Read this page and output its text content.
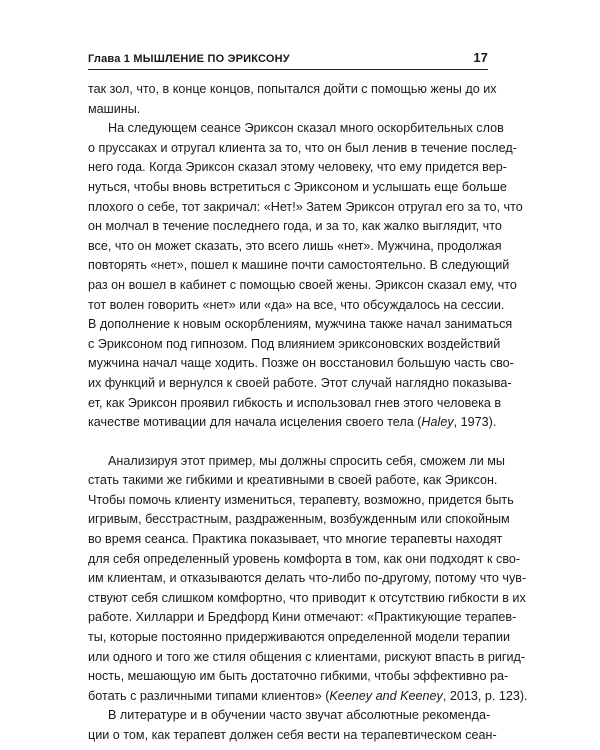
Глава 1 МЫШЛЕНИЕ ПО ЭРИКСОНУ	17

так зол, что, в конце концов, попытался дойти с помощью жены до их
машины.

На следующем сеансе Эриксон сказал много оскорбительных слов
о пруссаках и отругал клиента за то, что он был ленив в течение послед-
него года. Когда Эриксон сказал этому человеку, что ему придется вер-
нуться, чтобы вновь встретиться с Эриксоном и услышать еще больше
плохого о себе, тот закричал: «Нет!» Затем Эриксон отругал его за то, что
он молчал в течение последнего года, и за то, как жалко выглядит, что
все, что он может сказать, это всего лишь «нет». Мужчина, продолжая
повторять «нет», пошел к машине почти самостоятельно. В следующий
раз он вошел в кабинет с помощью своей жены. Эриксон сказал ему, что
тот волен говорить «нет» или «да» на все, что обсуждалось на сессии.
В дополнение к новым оскорблениям, мужчина также начал заниматься
с Эриксоном под гипнозом. Под влиянием эриксоновских воздействий
мужчина начал чаще ходить. Позже он восстановил большую часть сво-
их функций и вернулся к своей работе. Этот случай наглядно показыва-
ет, как Эриксон проявил гибкость и использовал гнев этого человека в
качестве мотивации для начала исцеления своего тела (Haley, 1973).

Анализируя этот пример, мы должны спросить себя, сможем ли мы
стать такими же гибкими и креативными в своей работе, как Эриксон.
Чтобы помочь клиенту измениться, терапевту, возможно, придется быть
игривым, бесстрастным, раздраженным, возбужденным или спокойным
во время сеанса. Практика показывает, что многие терапевты находят
для себя определенный уровень комфорта в том, как они подходят к сво-
им клиентам, и отказываются делать что-либо по-другому, потому что чув-
ствуют себя слишком комфортно, что приводит к отсутствию гибкости в их
работе. Хилларри и Бредфорд Кини отмечают: «Практикующие терапев-
ты, которые постоянно придерживаются определенной модели терапии
или одного и того же стиля общения с клиентами, рискуют впасть в ригид-
ность, мешающую им быть достаточно гибкими, чтобы эффективно ра-
ботать с различными типами клиентов» (Keeney and Keeney, 2013, p. 123).

В литературе и в обучении часто звучат абсолютные рекоменда-
ции о том, как терапевт должен себя вести на терапевтическом сеан-
